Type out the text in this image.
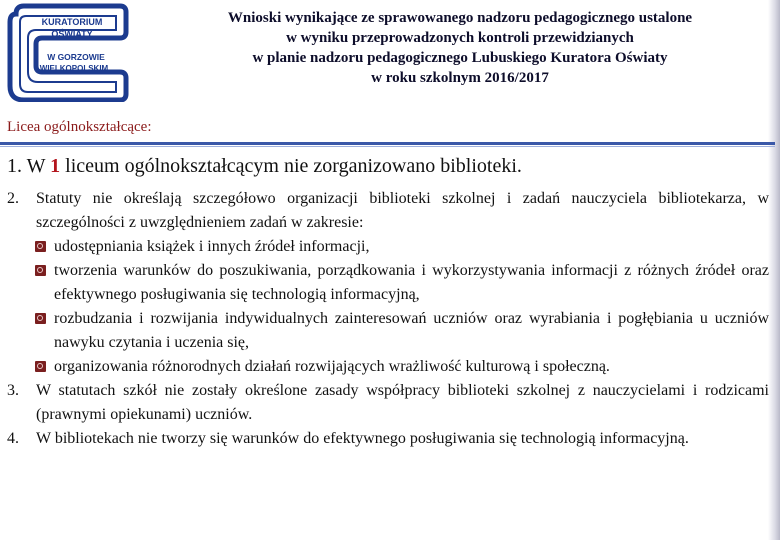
KURATORIUM
OŚWIATY
W GORZOWIE
WIELKOPOLSKIM
Wnioski wynikające ze sprawowanego nadzoru pedagogicznego ustalone
w wyniku przeprowadzonych kontroli przewidzianych
w planie nadzoru pedagogicznego Lubuskiego Kuratora Oświaty
w roku szkolnym 2016/2017
Licea ogólnokształcące:
1. W 1 liceum ogólnokształcącym nie zorganizowano biblioteki.
2. Statuty nie określają szczegółowo organizacji biblioteki szkolnej i zadań nauczyciela bibliotekarza, w szczególności z uwzględnieniem zadań w zakresie:
udostępniania książek i innych źródeł informacji,
tworzenia warunków do poszukiwania, porządkowania i wykorzystywania informacji z różnych źródeł oraz efektywnego posługiwania się technologią informacyjną,
rozbudzania i rozwijania indywidualnych zainteresowań uczniów oraz wyrabiania i pogłębiania u uczniów nawyku czytania i uczenia się,
organizowania różnorodnych działań rozwijających wrażliwość kulturową i społeczną.
3. W statutach szkół nie zostały określone zasady współpracy biblioteki szkolnej z nauczycielami i rodzicami (prawnymi opiekunami) uczniów.
4. W bibliotekach nie tworzy się warunków do efektywnego posługiwania się technologią informacyjną.
